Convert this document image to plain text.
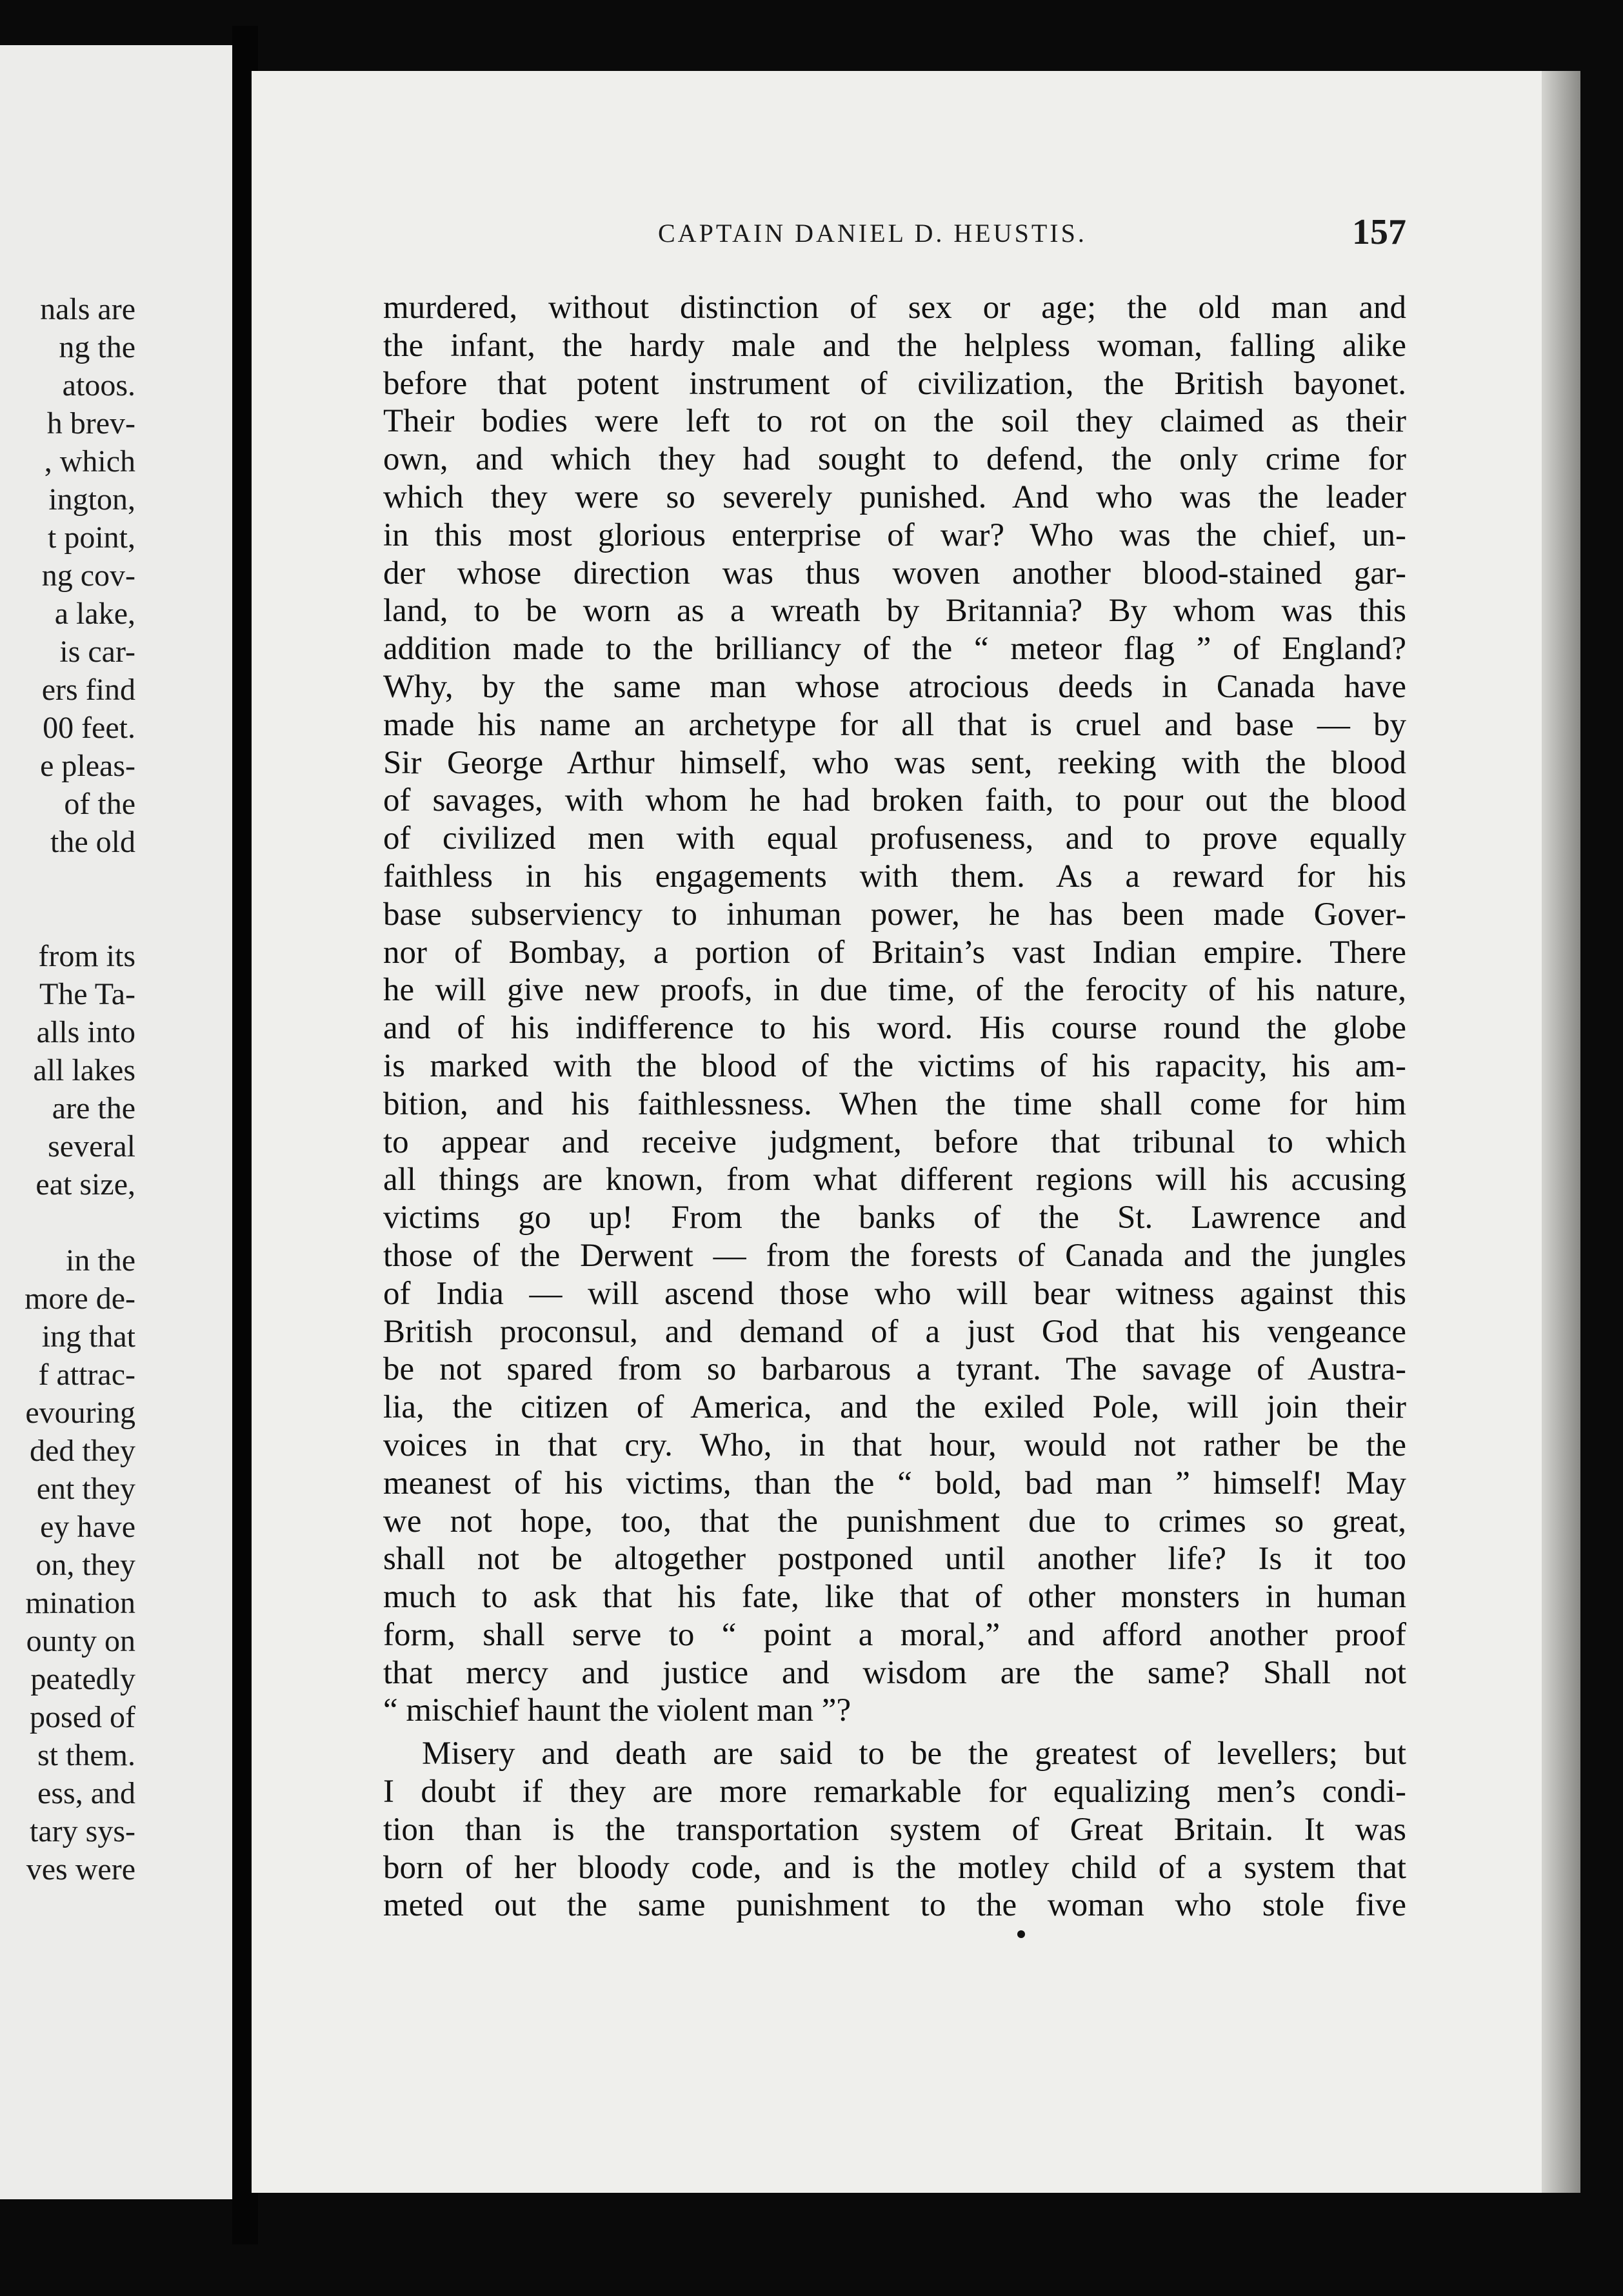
nals are
ng the
atoos.
h brev-
, which
ington,
t point,
ng cov-
a lake,
is car-
ers find
00 feet.
e pleas-
of the
the old
from its
The Ta-
alls into
all lakes
are the
several
eat size,
in the
more de-
ing that
f attrac-
evouring
ded they
ent they
ey have
on, they
mination
ounty on
peatedly
posed of
st them.
ess, and
tary sys-
ves were
CAPTAIN DANIEL D. HEUSTIS.	157
murdered, without distinction of sex or age; the old man and
the infant, the hardy male and the helpless woman, falling alike
before that potent instrument of civilization, the British bayonet.
Their bodies were left to rot on the soil they claimed as their
own, and which they had sought to defend, the only crime for
which they were so severely punished. And who was the leader
in this most glorious enterprise of war? Who was the chief, un-
der whose direction was thus woven another blood-stained gar-
land, to be worn as a wreath by Britannia? By whom was this
addition made to the brilliancy of the “ meteor flag ” of England?
Why, by the same man whose atrocious deeds in Canada have
made his name an archetype for all that is cruel and base — by
Sir George Arthur himself, who was sent, reeking with the blood
of savages, with whom he had broken faith, to pour out the blood
of civilized men with equal profuseness, and to prove equally
faithless in his engagements with them. As a reward for his
base subserviency to inhuman power, he has been made Gover-
nor of Bombay, a portion of Britain’s vast Indian empire. There
he will give new proofs, in due time, of the ferocity of his nature,
and of his indifference to his word. His course round the globe
is marked with the blood of the victims of his rapacity, his am-
bition, and his faithlessness. When the time shall come for him
to appear and receive judgment, before that tribunal to which
all things are known, from what different regions will his accusing
victims go up! From the banks of the St. Lawrence and
those of the Derwent — from the forests of Canada and the jungles
of India — will ascend those who will bear witness against this
British proconsul, and demand of a just God that his vengeance
be not spared from so barbarous a tyrant. The savage of Austra-
lia, the citizen of America, and the exiled Pole, will join their
voices in that cry. Who, in that hour, would not rather be the
meanest of his victims, than the “ bold, bad man ” himself! May
we not hope, too, that the punishment due to crimes so great,
shall not be altogether postponed until another life? Is it too
much to ask that his fate, like that of other monsters in human
form, shall serve to “ point a moral,” and afford another proof
that mercy and justice and wisdom are the same? Shall not
“ mischief haunt the violent man ”?
Misery and death are said to be the greatest of levellers; but
I doubt if they are more remarkable for equalizing men’s condi-
tion than is the transportation system of Great Britain. It was
born of her bloody code, and is the motley child of a system that
meted out the same punishment to the woman who stole five
